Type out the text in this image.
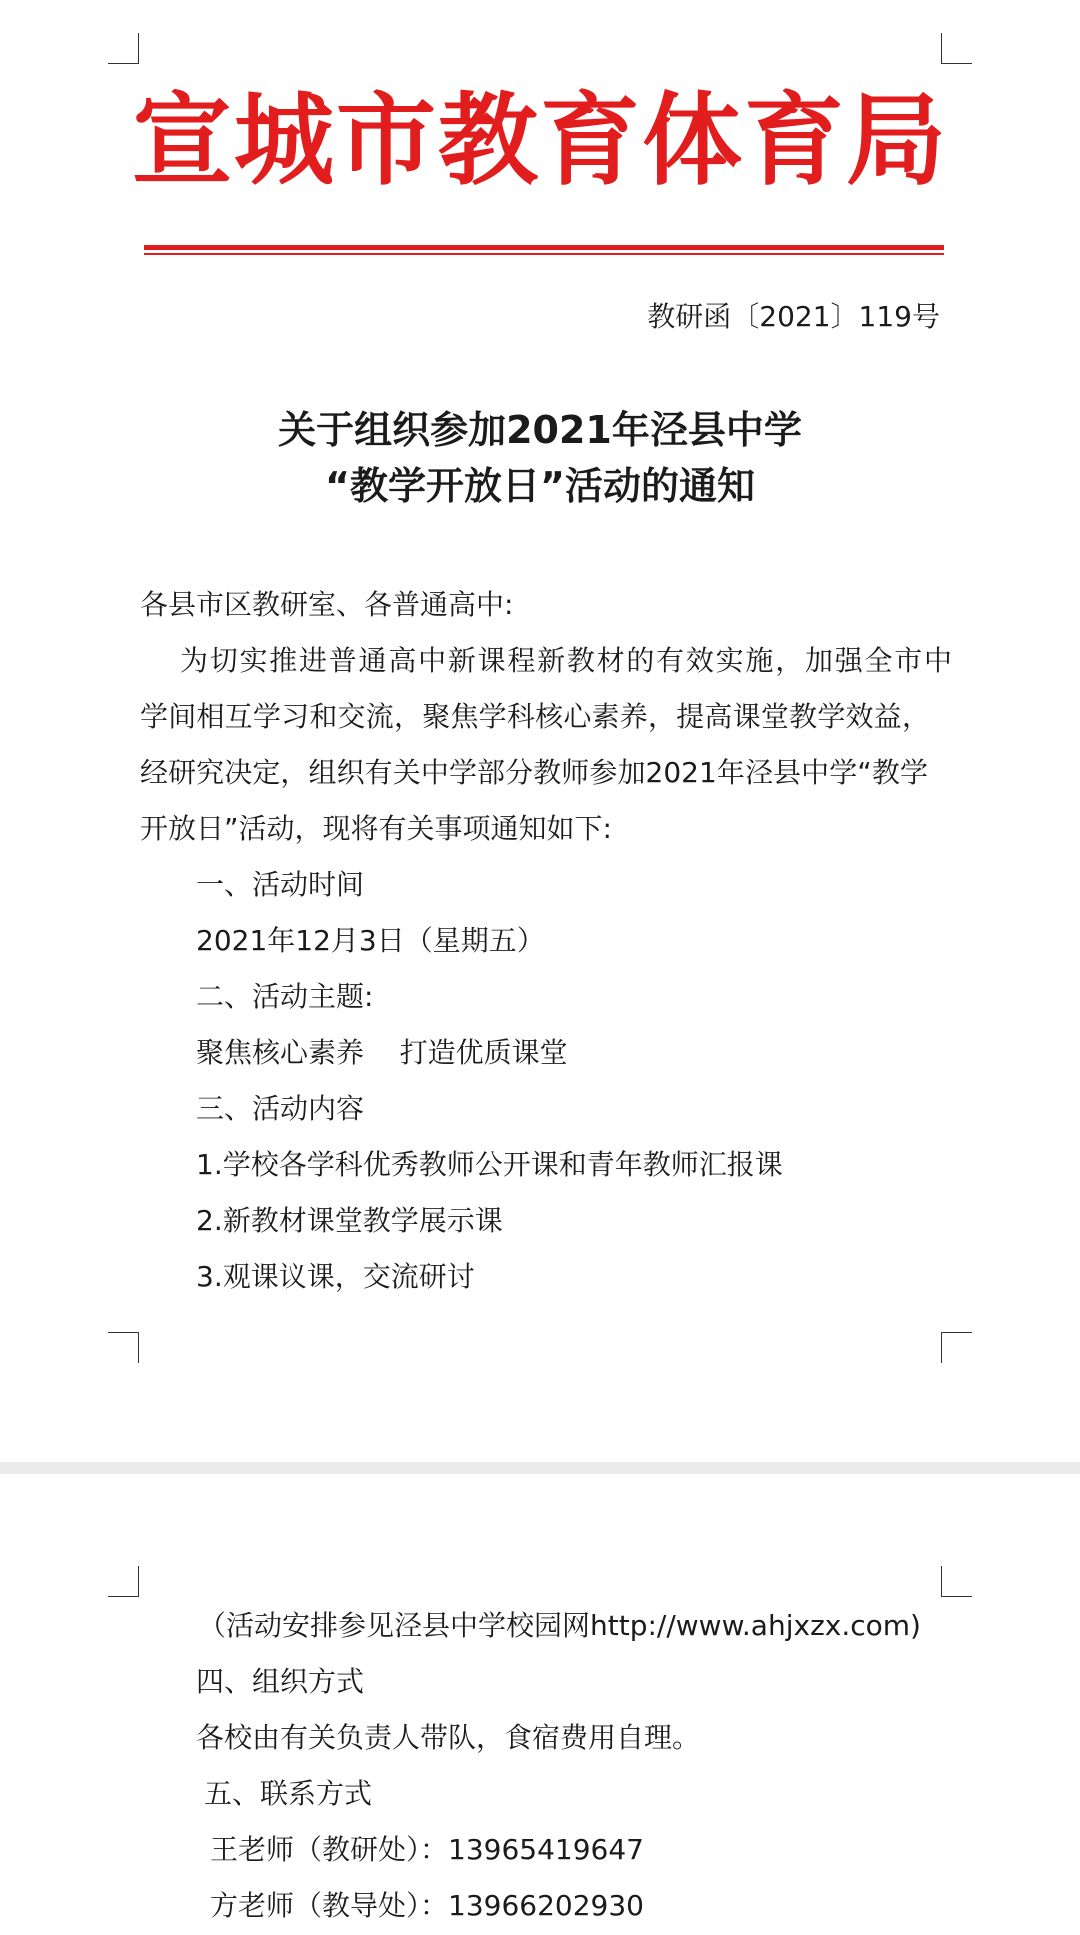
宣城市教育体育局
教研函〔2021〕119号
关于组织参加2021年泾县中学
“教学开放日”活动的通知
各县市区教研室、各普通高中:
为切实推进普通高中新课程新教材的有效实施，加强全市中
学间相互学习和交流，聚焦学科核心素养，提高课堂教学效益，
经研究决定，组织有关中学部分教师参加2021年泾县中学“教学
开放日”活动，现将有关事项通知如下:
一、活动时间
2021年12月3日（星期五）
二、活动主题:
聚焦核心素养    打造优质课堂
三、活动内容
1.学校各学科优秀教师公开课和青年教师汇报课
2.新教材课堂教学展示课
3.观课议课，交流研讨
（活动安排参见泾县中学校园网http://www.ahjxzx.com)
四、组织方式
各校由有关负责人带队，食宿费用自理。
五、联系方式
王老师（教研处）：13965419647
方老师（教导处）：13966202930
